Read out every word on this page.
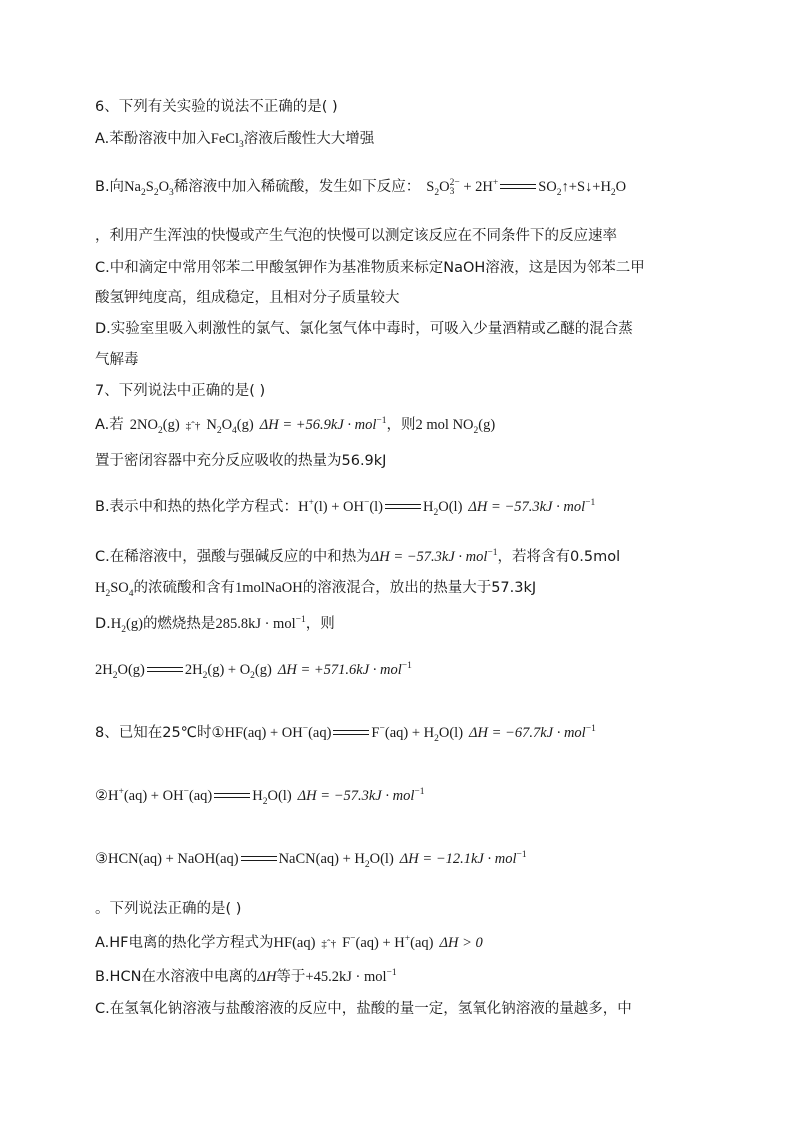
6、下列有关实验的说法不正确的是( )
A.苯酚溶液中加入FeCl$_3$溶液后酸性大大增强
B.向$Na_2S_2O_3$稀溶液中加入稀硫酸，发生如下反应： $S_2O$ 2−
3 + 2H+	$SO_2↑+S↓+H_2O$
，利用产生浑浊的快慢或产生气泡的快慢可以测定该反应在不同条件下的反应速率
C.中和滴定中常用邻苯二甲酸氢钾作为基准物质来标定NaOH溶液，这是因为邻苯二甲
酸氢钾纯度高，组成稳定，且相对分子质量较大
D.实验室里吸入刺激性的氯气、氯化氢气体中毒时，可吸入少量酒精或乙醚的混合蒸
气解毒
7、下列说法中正确的是( )
A.若 $2NO_2(g)$ ‡ˆ† $N_2O_4(g) \Delta H = +56.9kJ \cdot mol^{-1}$，则2 mol $NO_2(g)$
置于密闭容器中充分反应吸收的热量为56.9kJ
B.表示中和热的热化学方程式：H+(l) + OH−(l)	$H_2O(l) \Delta H = -57.3kJ \cdot mol^{-1}$
C.在稀溶液中，强酸与强碱反应的中和热为ΔH = −57.3kJ · mol$^{-1}$，若将含有0.5mol
$H_2SO_4$的浓硫酸和含有1molNaOH的溶液混合，放出的热量大于57.3kJ
$D.H_2(g)$的燃烧热是285.8kJ · mol$^{-1}$，则
$2H_2O(g)$	$2H_2(g) + O_2(g) \Delta H = +571.6kJ \cdot mol^{-1}$
8、已知在25℃时①HF(aq) + OH−(aq)	$F^-(aq) + H_2O(l) \Delta H = -67.7kJ \cdot mol^{-1}$
②H+(aq) + OH−(aq)	$H_2O(l) \Delta H = -57.3kJ \cdot mol^{-1}$
③HCN(aq) + NaOH(aq)	NaCN(aq) + $H_2O(l) \Delta H = -12.1kJ \cdot mol^{-1}$
。下列说法正确的是( )
A.HF电离的热化学方程式为HF(aq) ‡ˆ† F−(aq) + H+(aq) ΔH > 0
B.HCN在水溶液中电离的ΔH等于+45.2kJ · mol$^{-1}$
C.在氢氧化钠溶液与盐酸溶液的反应中，盐酸的量一定，氢氧化钠溶液的量越多，中
